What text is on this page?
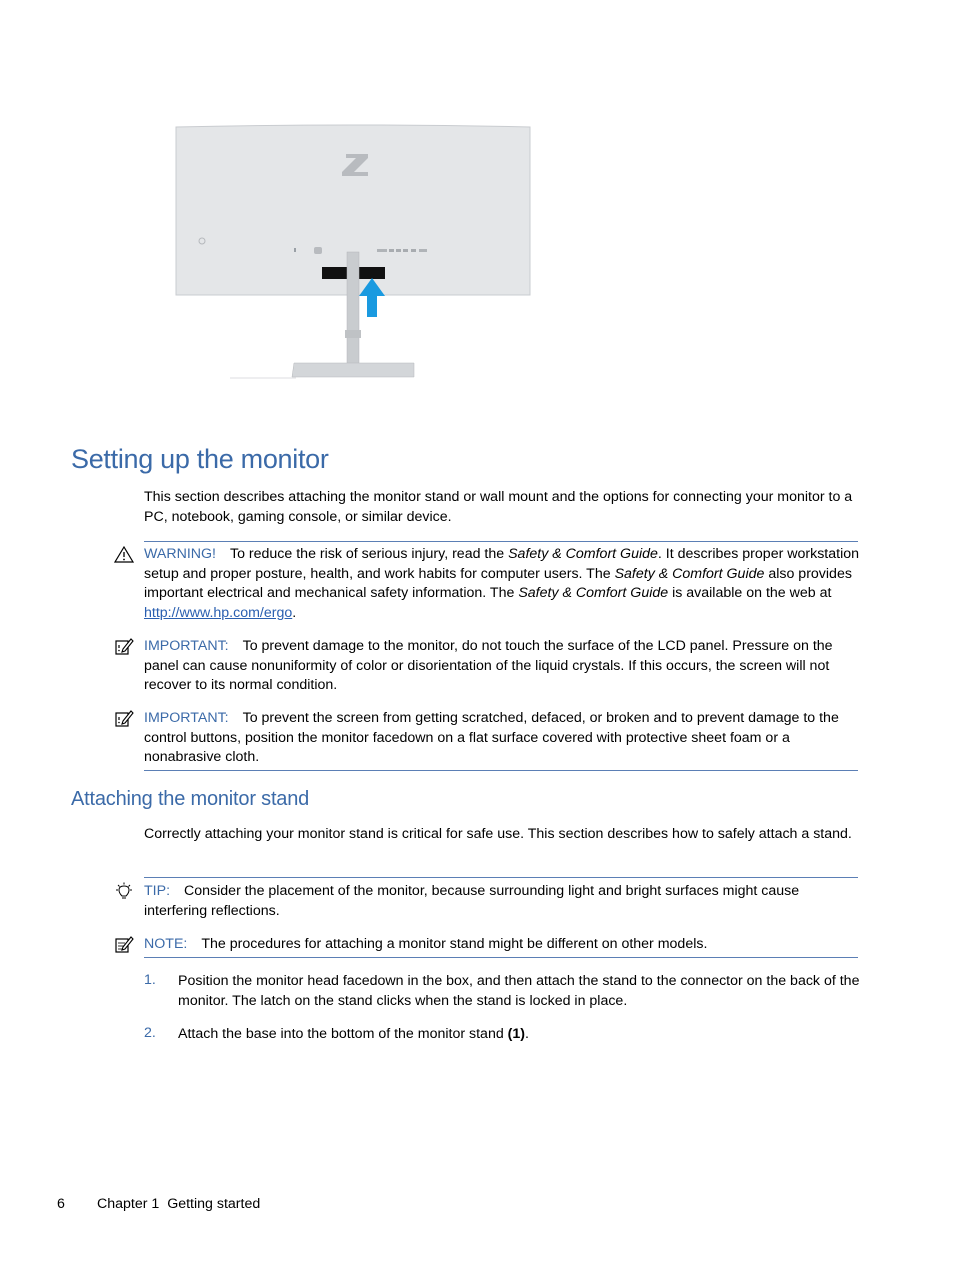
Setting up the monitor
This section describes attaching the monitor stand or wall mount and the options for connecting your monitor to a PC, notebook, gaming console, or similar device.
WARNING! To reduce the risk of serious injury, read the Safety & Comfort Guide. It describes proper workstation setup and proper posture, health, and work habits for computer users. The Safety & Comfort Guide also provides important electrical and mechanical safety information. The Safety & Comfort Guide is available on the web at http://www.hp.com/ergo.
IMPORTANT: To prevent damage to the monitor, do not touch the surface of the LCD panel. Pressure on the panel can cause nonuniformity of color or disorientation of the liquid crystals. If this occurs, the screen will not recover to its normal condition.
IMPORTANT: To prevent the screen from getting scratched, defaced, or broken and to prevent damage to the control buttons, position the monitor facedown on a flat surface covered with protective sheet foam or a nonabrasive cloth.
Attaching the monitor stand
Correctly attaching your monitor stand is critical for safe use. This section describes how to safely attach a stand.
TIP: Consider the placement of the monitor, because surrounding light and bright surfaces might cause interfering reflections.
NOTE: The procedures for attaching a monitor stand might be different on other models.
1. Position the monitor head facedown in the box, and then attach the stand to the connector on the back of the monitor. The latch on the stand clicks when the stand is locked in place.
2. Attach the base into the bottom of the monitor stand (1).
6 Chapter 1  Getting started
